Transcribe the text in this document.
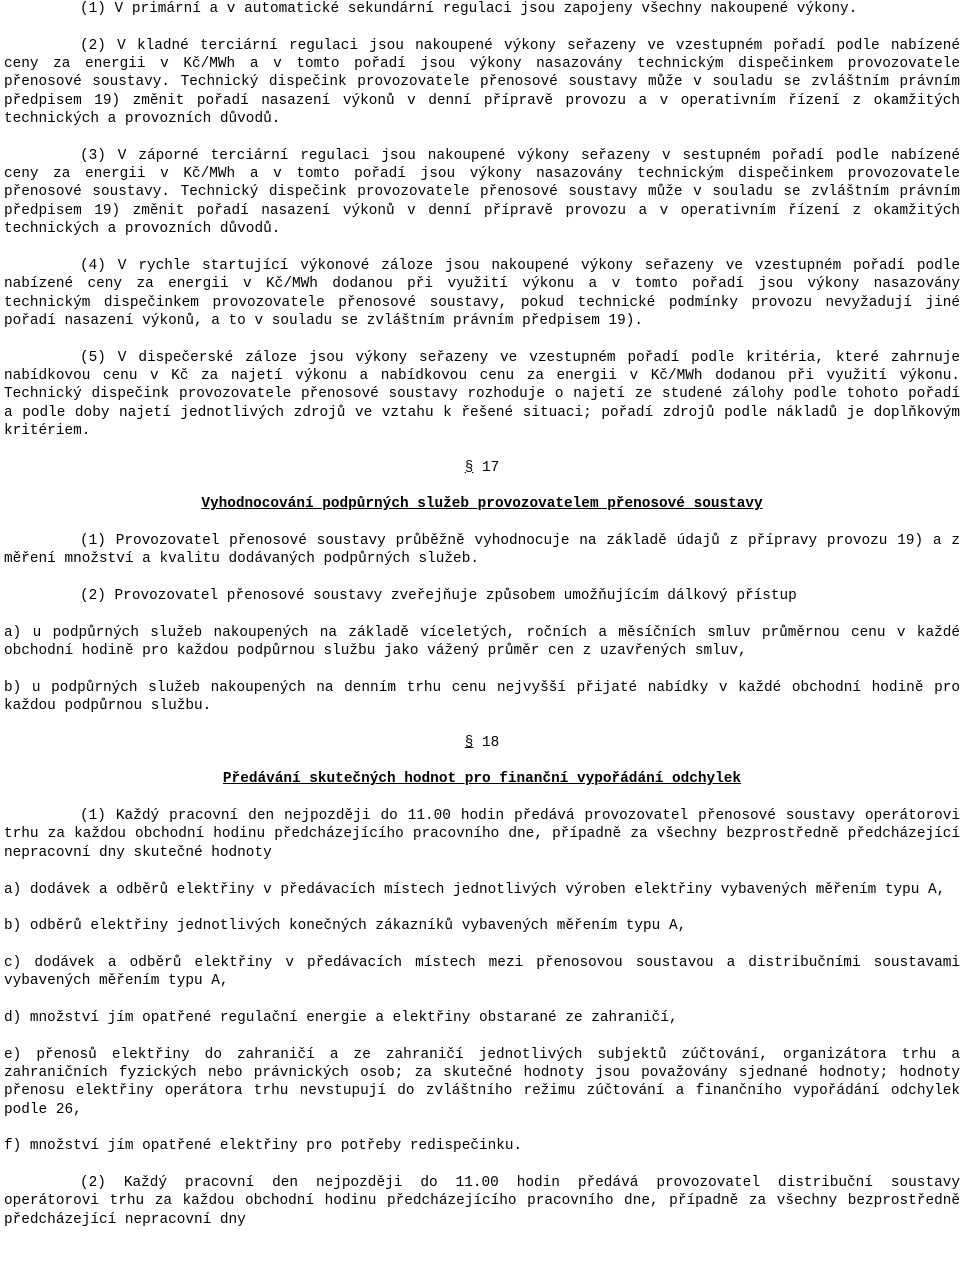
(1) V primární a v automatické sekundární regulaci jsou zapojeny všechny nakoupené výkony.

(2) V kladné terciární regulaci jsou nakoupené výkony seřazeny ve vzestupném pořadí podle nabízené ceny za energii v Kč/MWh a v tomto pořadí jsou výkony nasazovány technickým dispečinkem provozovatele přenosové soustavy. Technický dispečink provozovatele přenosové soustavy může v souladu se zvláštním právním předpisem 19) změnit pořadí nasazení výkonů v denní přípravě provozu a v operativním řízení z okamžitých technických a provozních důvodů.

(3) V záporné terciární regulaci jsou nakoupené výkony seřazeny v sestupném pořadí podle nabízené ceny za energii v Kč/MWh a v tomto pořadí jsou výkony nasazovány technickým dispečinkem provozovatele přenosové soustavy. Technický dispečink provozovatele přenosové soustavy může v souladu se zvláštním právním předpisem 19) změnit pořadí nasazení výkonů v denní přípravě provozu a v operativním řízení z okamžitých technických a provozních důvodů.

(4) V rychle startující výkonové záloze jsou nakoupené výkony seřazeny ve vzestupném pořadí podle nabízené ceny za energii v Kč/MWh dodanou při využití výkonu a v tomto pořadí jsou výkony nasazovány technickým dispečinkem provozovatele přenosové soustavy, pokud technické podmínky provozu nevyžadují jiné pořadí nasazení výkonů, a to v souladu se zvláštním právním předpisem 19).

(5) V dispečerské záloze jsou výkony seřazeny ve vzestupném pořadí podle kritéria, které zahrnuje nabídkovou cenu v Kč za najetí výkonu a nabídkovou cenu za energii v Kč/MWh dodanou při využití výkonu. Technický dispečink provozovatele přenosové soustavy rozhoduje o najetí ze studené zálohy podle tohoto pořadí a podle doby najetí jednotlivých zdrojů ve vztahu k řešené situaci; pořadí zdrojů podle nákladů je doplňkovým kritériem.

§ 17

Vyhodnocování podpůrných služeb provozovatelem přenosové soustavy

(1) Provozovatel přenosové soustavy průběžně vyhodnocuje na základě údajů z přípravy provozu 19) a z měření množství a kvalitu dodávaných podpůrných služeb.

(2) Provozovatel přenosové soustavy zveřejňuje způsobem umožňujícím dálkový přístup

a) u podpůrných služeb nakoupených na základě víceletých, ročních a měsíčních smluv průměrnou cenu v každé obchodní hodině pro každou podpůrnou službu jako vážený průměr cen z uzavřených smluv,

b) u podpůrných služeb nakoupených na denním trhu cenu nejvyšší přijaté nabídky v každé obchodní hodině pro každou podpůrnou službu.

§ 18

Předávání skutečných hodnot pro finanční vypořádání odchylek

(1) Každý pracovní den nejpozději do 11.00 hodin předává provozovatel přenosové soustavy operátorovi trhu za každou obchodní hodinu předcházejícího pracovního dne, případně za všechny bezprostředně předcházející nepracovní dny skutečné hodnoty

a) dodávek a odběrů elektřiny v předávacích místech jednotlivých výroben elektřiny vybavených měřením typu A,

b) odběrů elektřiny jednotlivých konečných zákazníků vybavených měřením typu A,

c) dodávek a odběrů elektřiny v předávacích místech mezi přenosovou soustavou a distribučními soustavami vybavených měřením typu A,

d) množství jím opatřené regulační energie a elektřiny obstarané ze zahraničí,

e) přenosů elektřiny do zahraničí a ze zahraničí jednotlivých subjektů zúčtování, organizátora trhu a zahraničních fyzických nebo právnických osob; za skutečné hodnoty jsou považovány sjednané hodnoty; hodnoty přenosu elektřiny operátora trhu nevstupují do zvláštního režimu zúčtování a finančního vypořádání odchylek podle 26,

f) množství jím opatřené elektřiny pro potřeby redispečinku.

(2) Každý pracovní den nejpozději do 11.00 hodin předává provozovatel distribuční soustavy operátorovi trhu za každou obchodní hodinu předcházejícího pracovního dne, případně za všechny bezprostředně předcházející nepracovní dny
